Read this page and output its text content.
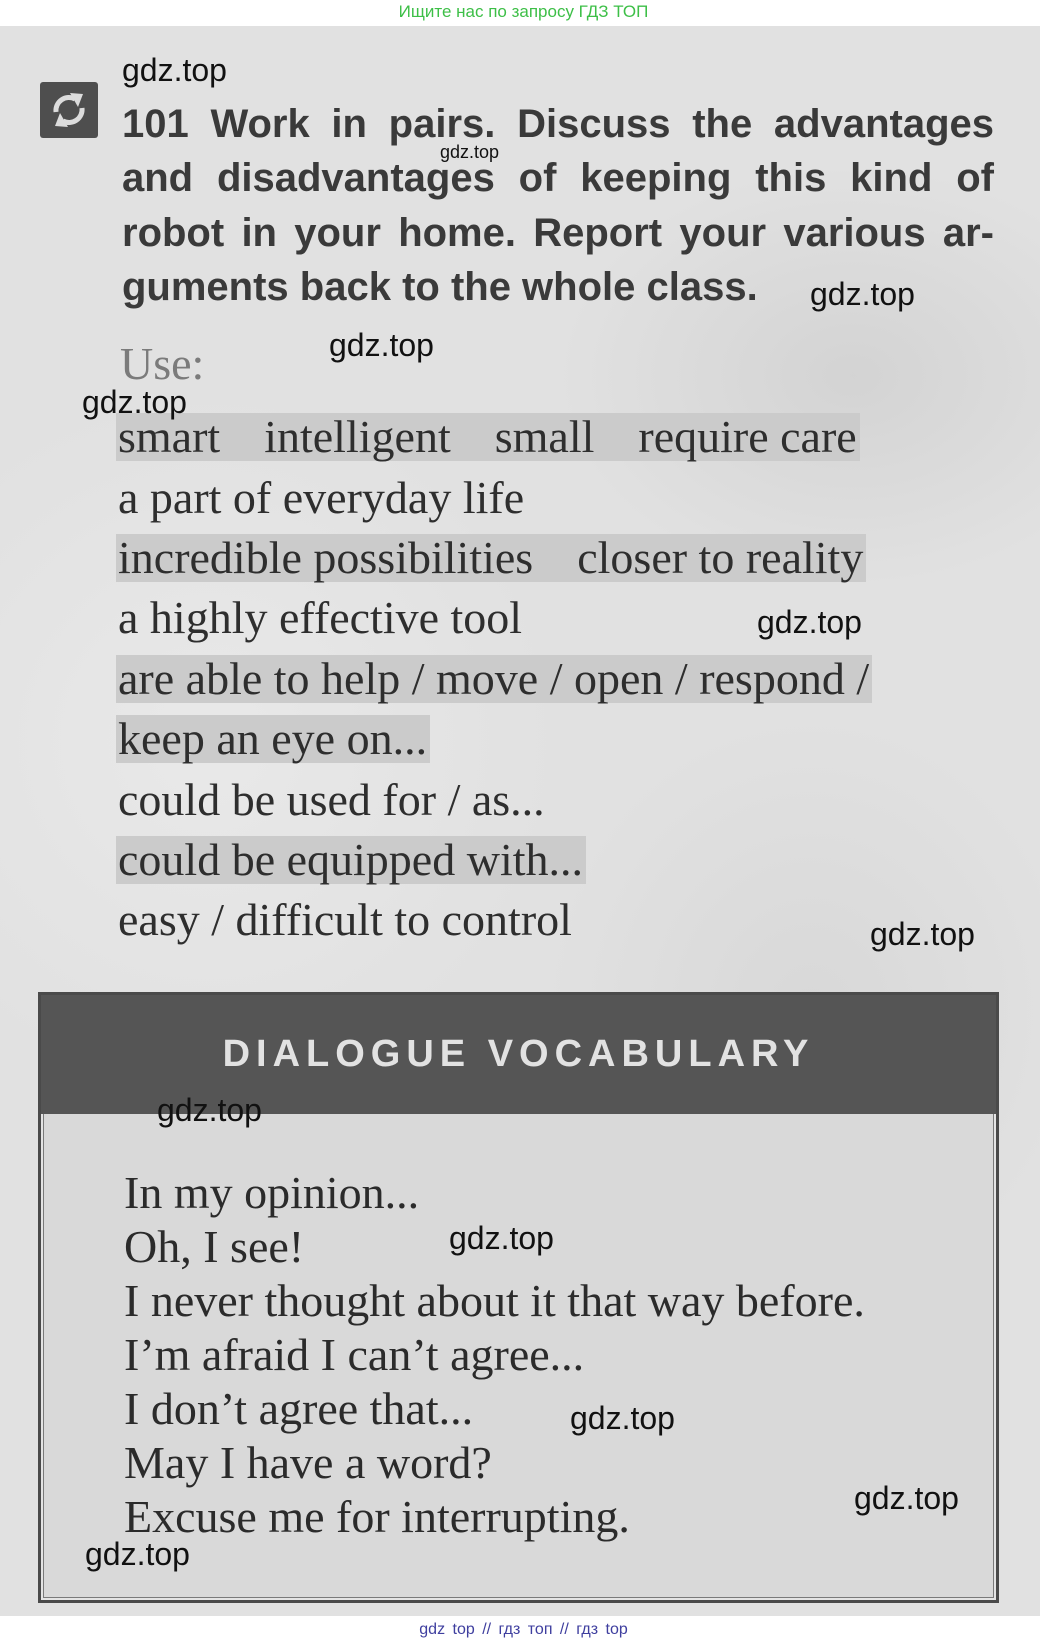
Ищите нас по запросу ГДЗ ТОП
101 Work in pairs. Discuss the advantages
and disadvantages of keeping this kind of
robot in your home. Report your various ar-
guments back to the whole class.
Use:
smart intelligent small require care
a part of everyday life
incredible possibilities closer to reality
a highly effective tool
are able to help / move / open / respond /
keep an eye on...
could be used for / as...
could be equipped with...
easy / difficult to control
DIALOGUE VOCABULARY
In my opinion...
Oh, I see!
I never thought about it that way before.
I’m afraid I can’t agree...
I don’t agree that...
May I have a word?
Excuse me for interrupting.
gdz.top
gdz.top
gdz.top
gdz.top
gdz.top
gdz.top
gdz.top
gdz.top
gdz.top
gdz.top
gdz.top
gdz.top
gdz top // гдз топ // гдз top
